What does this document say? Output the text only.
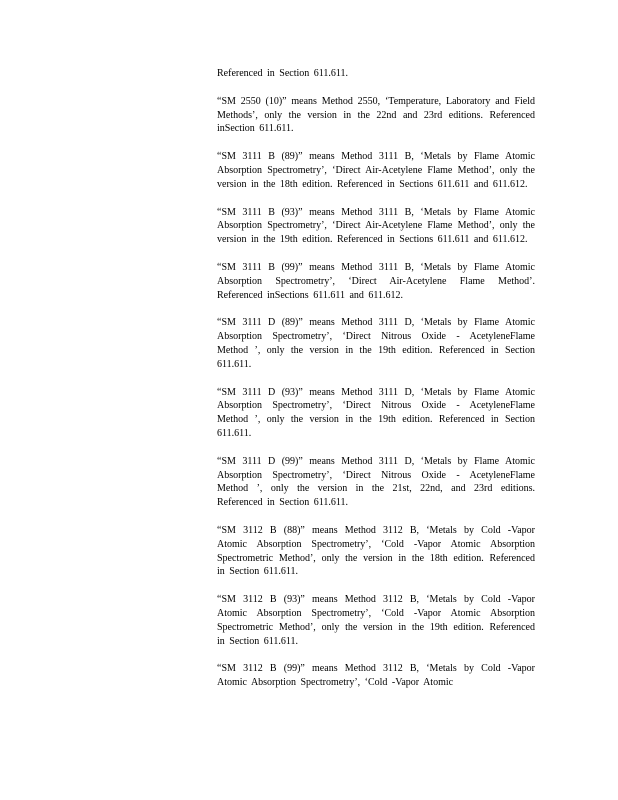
Referenced in Section 611.611.

“SM 2550 (10)” means Method 2550, ‘Temperature, Laboratory and Field Methods’, only the version in the 22nd and 23rd editions. Referenced inSection 611.611.

“SM 3111 B (89)” means Method 3111 B, ‘Metals by Flame Atomic Absorption Spectrometry’, ‘Direct Air-Acetylene Flame Method’, only the version in the 18th edition. Referenced in Sections 611.611 and 611.612.

“SM 3111 B (93)” means Method 3111 B, ‘Metals by Flame Atomic Absorption Spectrometry’, ‘Direct Air-Acetylene Flame Method’, only the version in the 19th edition. Referenced in Sections 611.611 and 611.612.

“SM 3111 B (99)” means Method 3111 B, ‘Metals by Flame Atomic Absorption Spectrometry’, ‘Direct Air-Acetylene Flame Method’. Referenced inSections 611.611 and 611.612.

“SM 3111 D (89)” means Method 3111 D, ‘Metals by Flame Atomic Absorption Spectrometry’, ‘Direct Nitrous Oxide - AcetyleneFlame Method ’, only the version in the 19th edition. Referenced in Section 611.611.

“SM 3111 D (93)” means Method 3111 D, ‘Metals by Flame Atomic Absorption Spectrometry’, ‘Direct Nitrous Oxide - AcetyleneFlame Method ’, only the version in the 19th edition. Referenced in Section 611.611.

“SM 3111 D (99)” means Method 3111 D, ‘Metals by Flame Atomic Absorption Spectrometry’, ‘Direct Nitrous Oxide - AcetyleneFlame Method ’, only the version in the 21st, 22nd, and 23rd editions. Referenced in Section 611.611.

“SM 3112 B (88)” means Method 3112 B, ‘Metals by Cold -Vapor Atomic Absorption Spectrometry’, ‘Cold -Vapor Atomic Absorption Spectrometric Method’, only the version in the 18th edition. Referenced in Section 611.611.

“SM 3112 B (93)” means Method 3112 B, ‘Metals by Cold -Vapor Atomic Absorption Spectrometry’, ‘Cold -Vapor Atomic Absorption Spectrometric Method’, only the version in the 19th edition. Referenced in Section 611.611.

“SM 3112 B (99)” means Method 3112 B, ‘Metals by Cold -Vapor Atomic Absorption Spectrometry’, ‘Cold -Vapor Atomic
